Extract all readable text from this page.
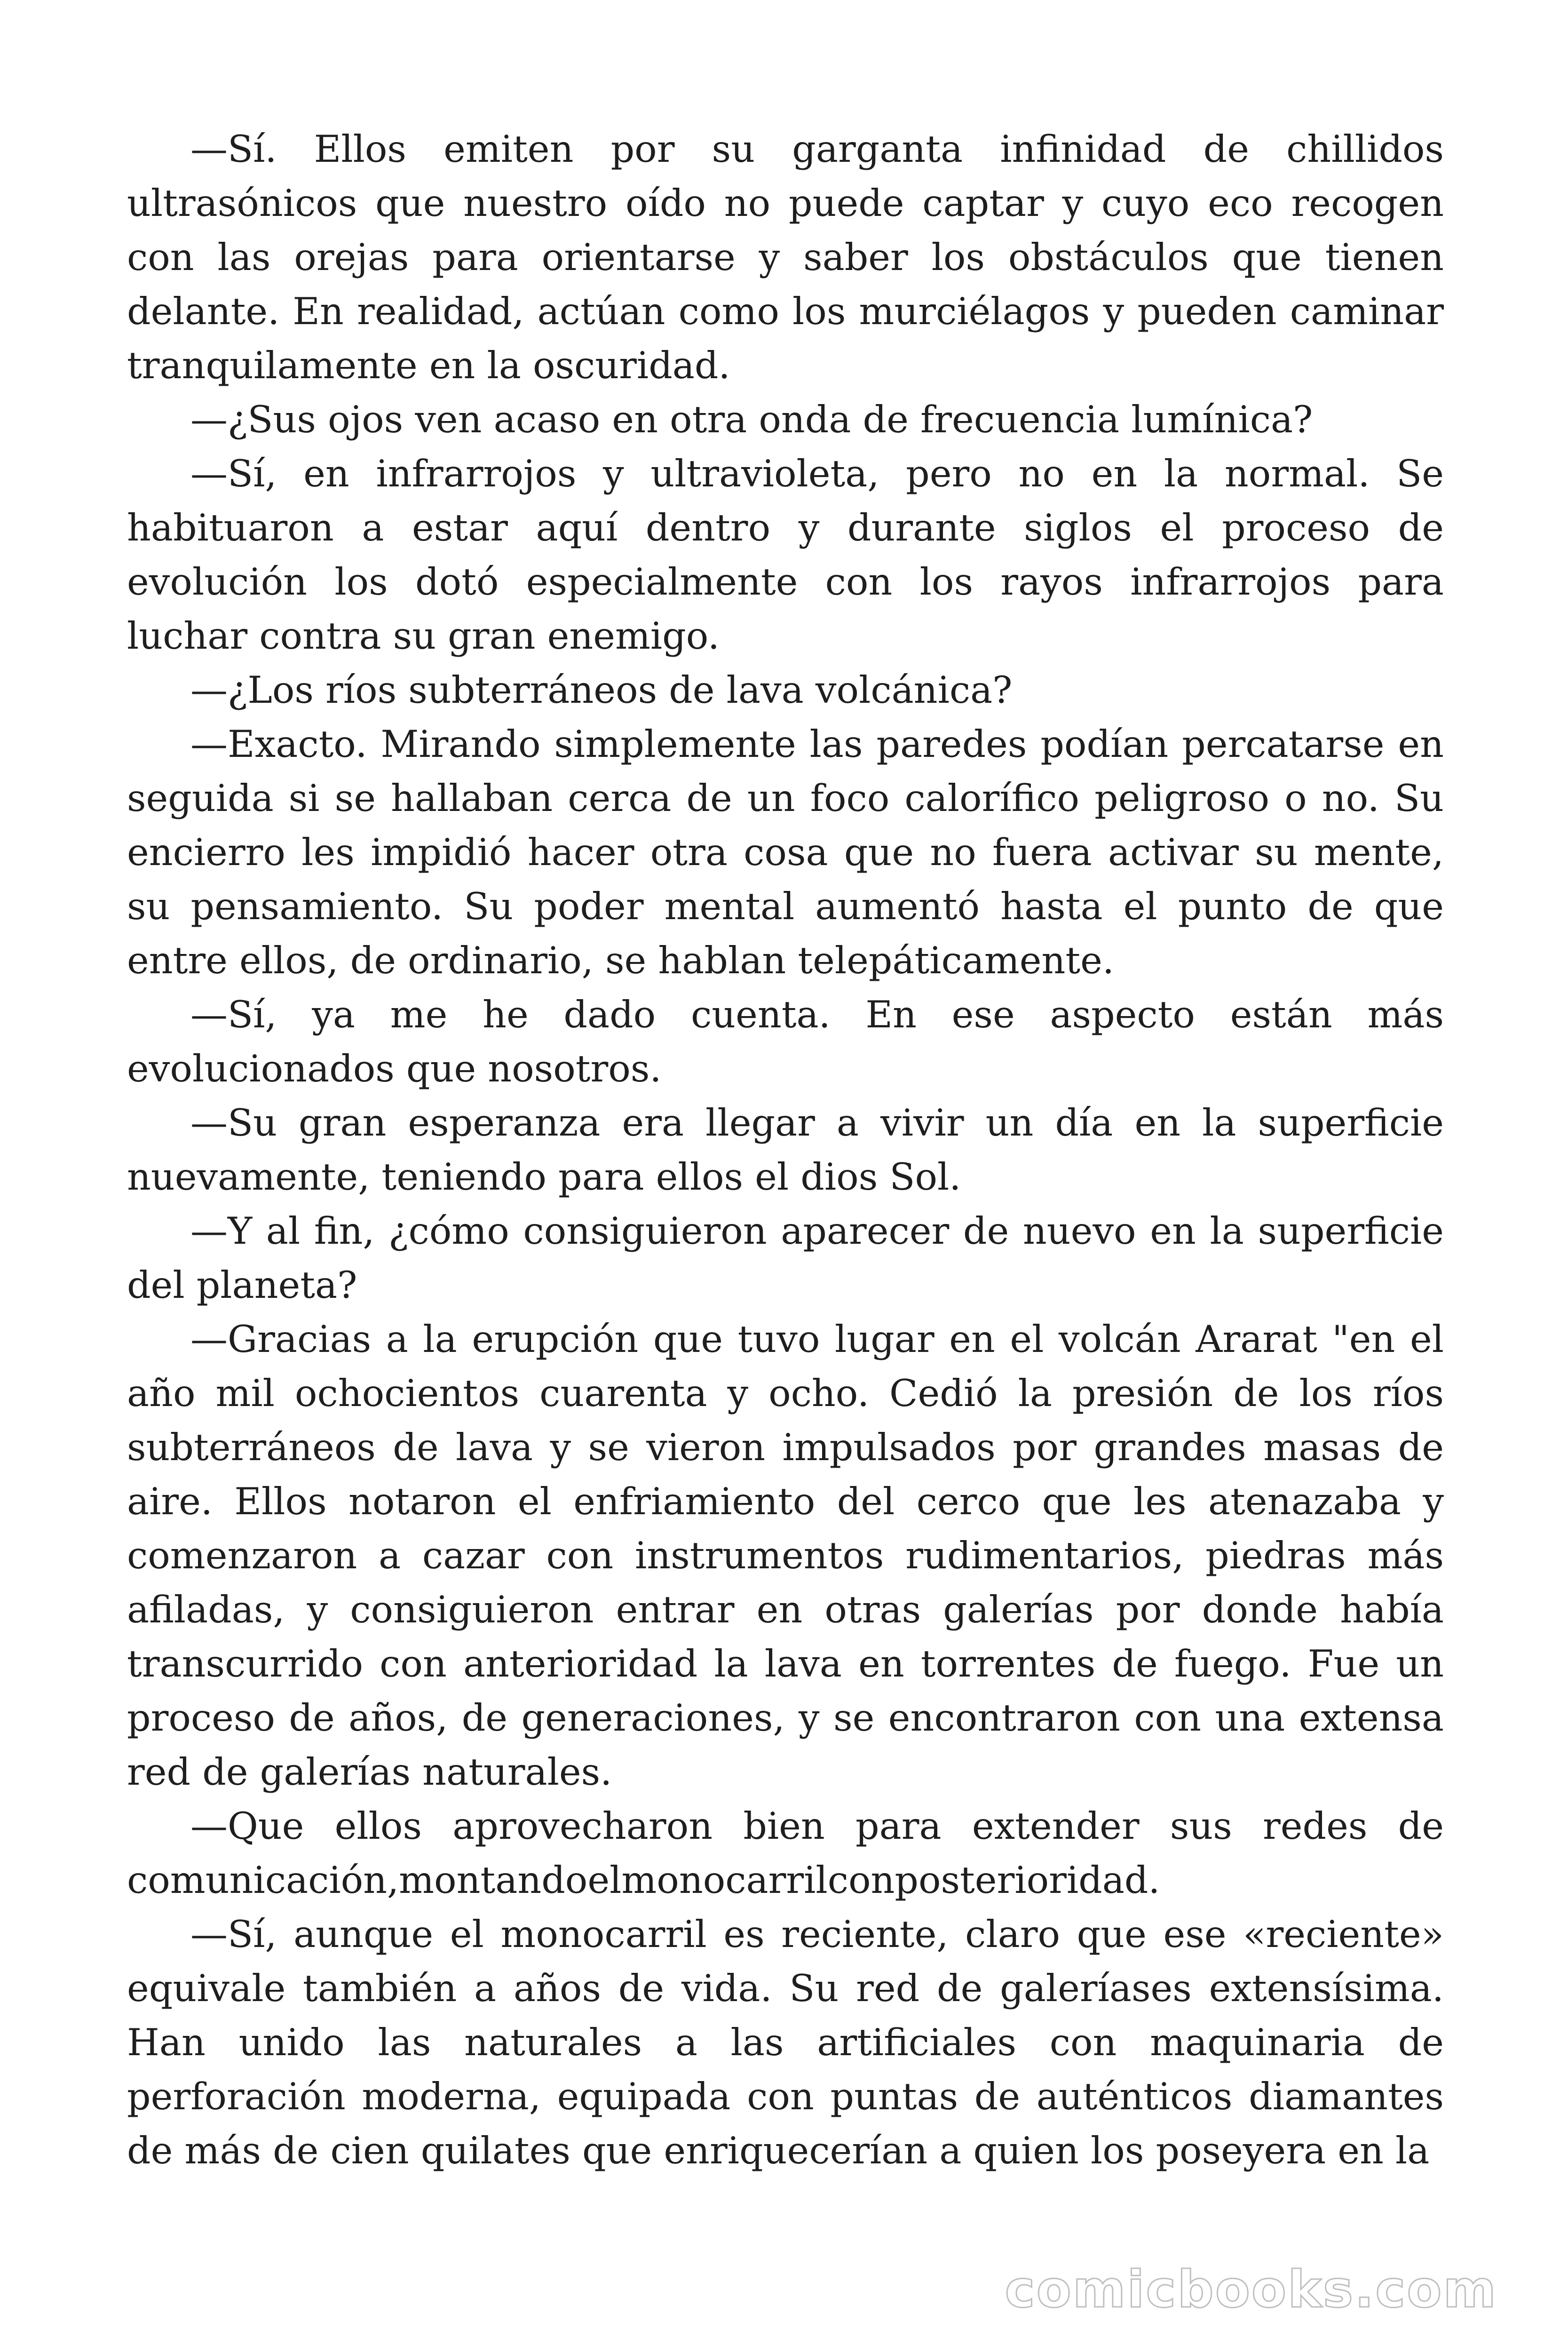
—Sí. Ellos emiten por su garganta infinidad de chillidos ultrasónicos que nuestro oído no puede captar y cuyo eco recogen con las orejas para orientarse y saber los obstáculos que tienen delante. En realidad, actúan como los murciélagos y pueden caminar tranquilamente en la oscuridad.

—¿Sus ojos ven acaso en otra onda de frecuencia lumínica?

—Sí, en infrarrojos y ultravioleta, pero no en la normal. Se habituaron a estar aquí dentro y durante siglos el proceso de evolución los dotó especialmente con los rayos infrarrojos para luchar contra su gran enemigo.

—¿Los ríos subterráneos de lava volcánica?

—Exacto. Mirando simplemente las paredes podían percatarse en seguida si se hallaban cerca de un foco calorífico peligroso o no. Su encierro les impidió hacer otra cosa que no fuera activar su mente, su pensamiento. Su poder mental aumentó hasta el punto de que entre ellos, de ordinario, se hablan telepáticamente.

—Sí, ya me he dado cuenta. En ese aspecto están más evolucionados que nosotros.

—Su gran esperanza era llegar a vivir un día en la superficie nuevamente, teniendo para ellos el dios Sol.

—Y al fin, ¿cómo consiguieron aparecer de nuevo en la superficie del planeta?

—Gracias a la erupción que tuvo lugar en el volcán Ararat "en el año mil ochocientos cuarenta y ocho. Cedió la presión de los ríos subterráneos de lava y se vieron impulsados por grandes masas de aire. Ellos notaron el enfriamiento del cerco que les atenazaba y comenzaron a cazar con instrumentos rudimentarios, piedras más afiladas, y consiguieron entrar en otras galerías por donde había transcurrido con anterioridad la lava en torrentes de fuego. Fue un proceso de años, de generaciones, y se encontraron con una extensa red de galerías naturales.

—Que ellos aprovecharon bien para extender sus redes de comunicación,montandoelmonocarrilconposterioridad.

—Sí, aunque el monocarril es reciente, claro que ese «reciente» equivale también a años de vida. Su red de galeríases extensísima. Han unido las naturales a las artificiales con maquinaria de perforación moderna, equipada con puntas de auténticos diamantes de más de cien quilates que enriquecerían a quien los poseyera en la

comicbooks.com
